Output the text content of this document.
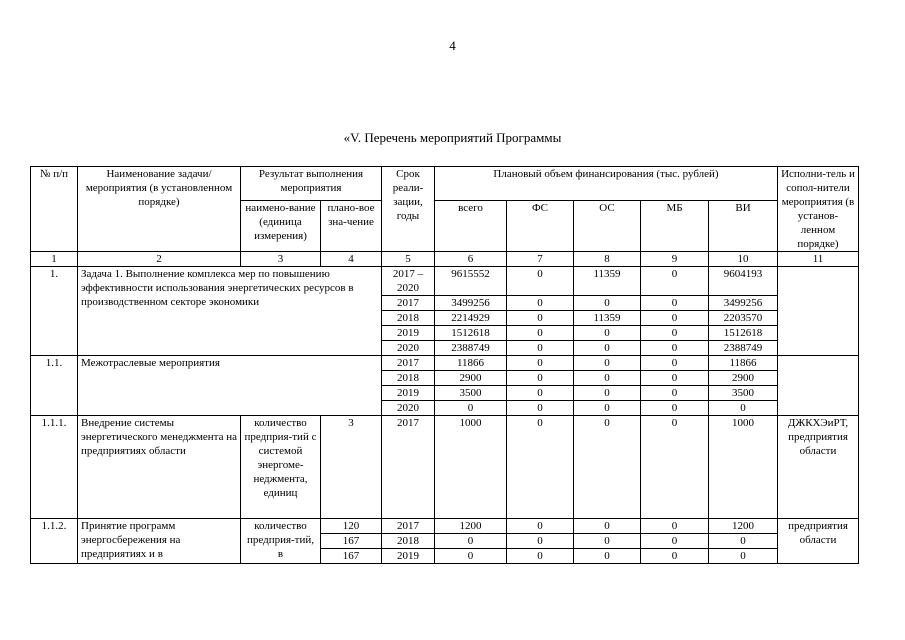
4
«V. Перечень мероприятий Программы
№ п/п	Наименование задачи/мероприятия (в установленном порядке)	Результат выполнения мероприятия		Срок реали-зации, годы	Плановый объем финансирования (тыс. рублей)					Исполни-тель и сопол-нители мероприятия (в установ-ленном порядке)
		наимено-вание (единица измерения)	плано-вое зна-чение		всего	ФС	ОС	МБ	ВИ	
1	2	3	4	5	6	7	8	9	10	11
1.	Задача 1. Выполнение комплекса мер по повышению эффективности использования энергетических ресурсов в производственном секторе экономики			2017 – 2020	9615552	0	11359	0	9604193	
				2017	3499256	0	0	0	3499256	
				2018	2214929	0	11359	0	2203570	
				2019	1512618	0	0	0	1512618	
				2020	2388749	0	0	0	2388749	
1.1.	Межотраслевые мероприятия			2017	11866	0	0	0	11866	
				2018	2900	0	0	0	2900	
				2019	3500	0	0	0	3500	
				2020	0	0	0	0	0	
1.1.1.	Внедрение системы энергетического менеджмента на предприятиях области	количество предприя-тий с системой энергоме-неджмента, единиц	3	2017	1000	0	0	0	1000	ДЖКХЭиРТ, предприятия области
1.1.2.	Принятие программ энергосбережения на предприятиях и в	количество предприя-тий, в	120	2017	1200	0	0	0	1200	предприятия области
			167	2018	0	0	0	0	0	
			167	2019	0	0	0	0	0	
